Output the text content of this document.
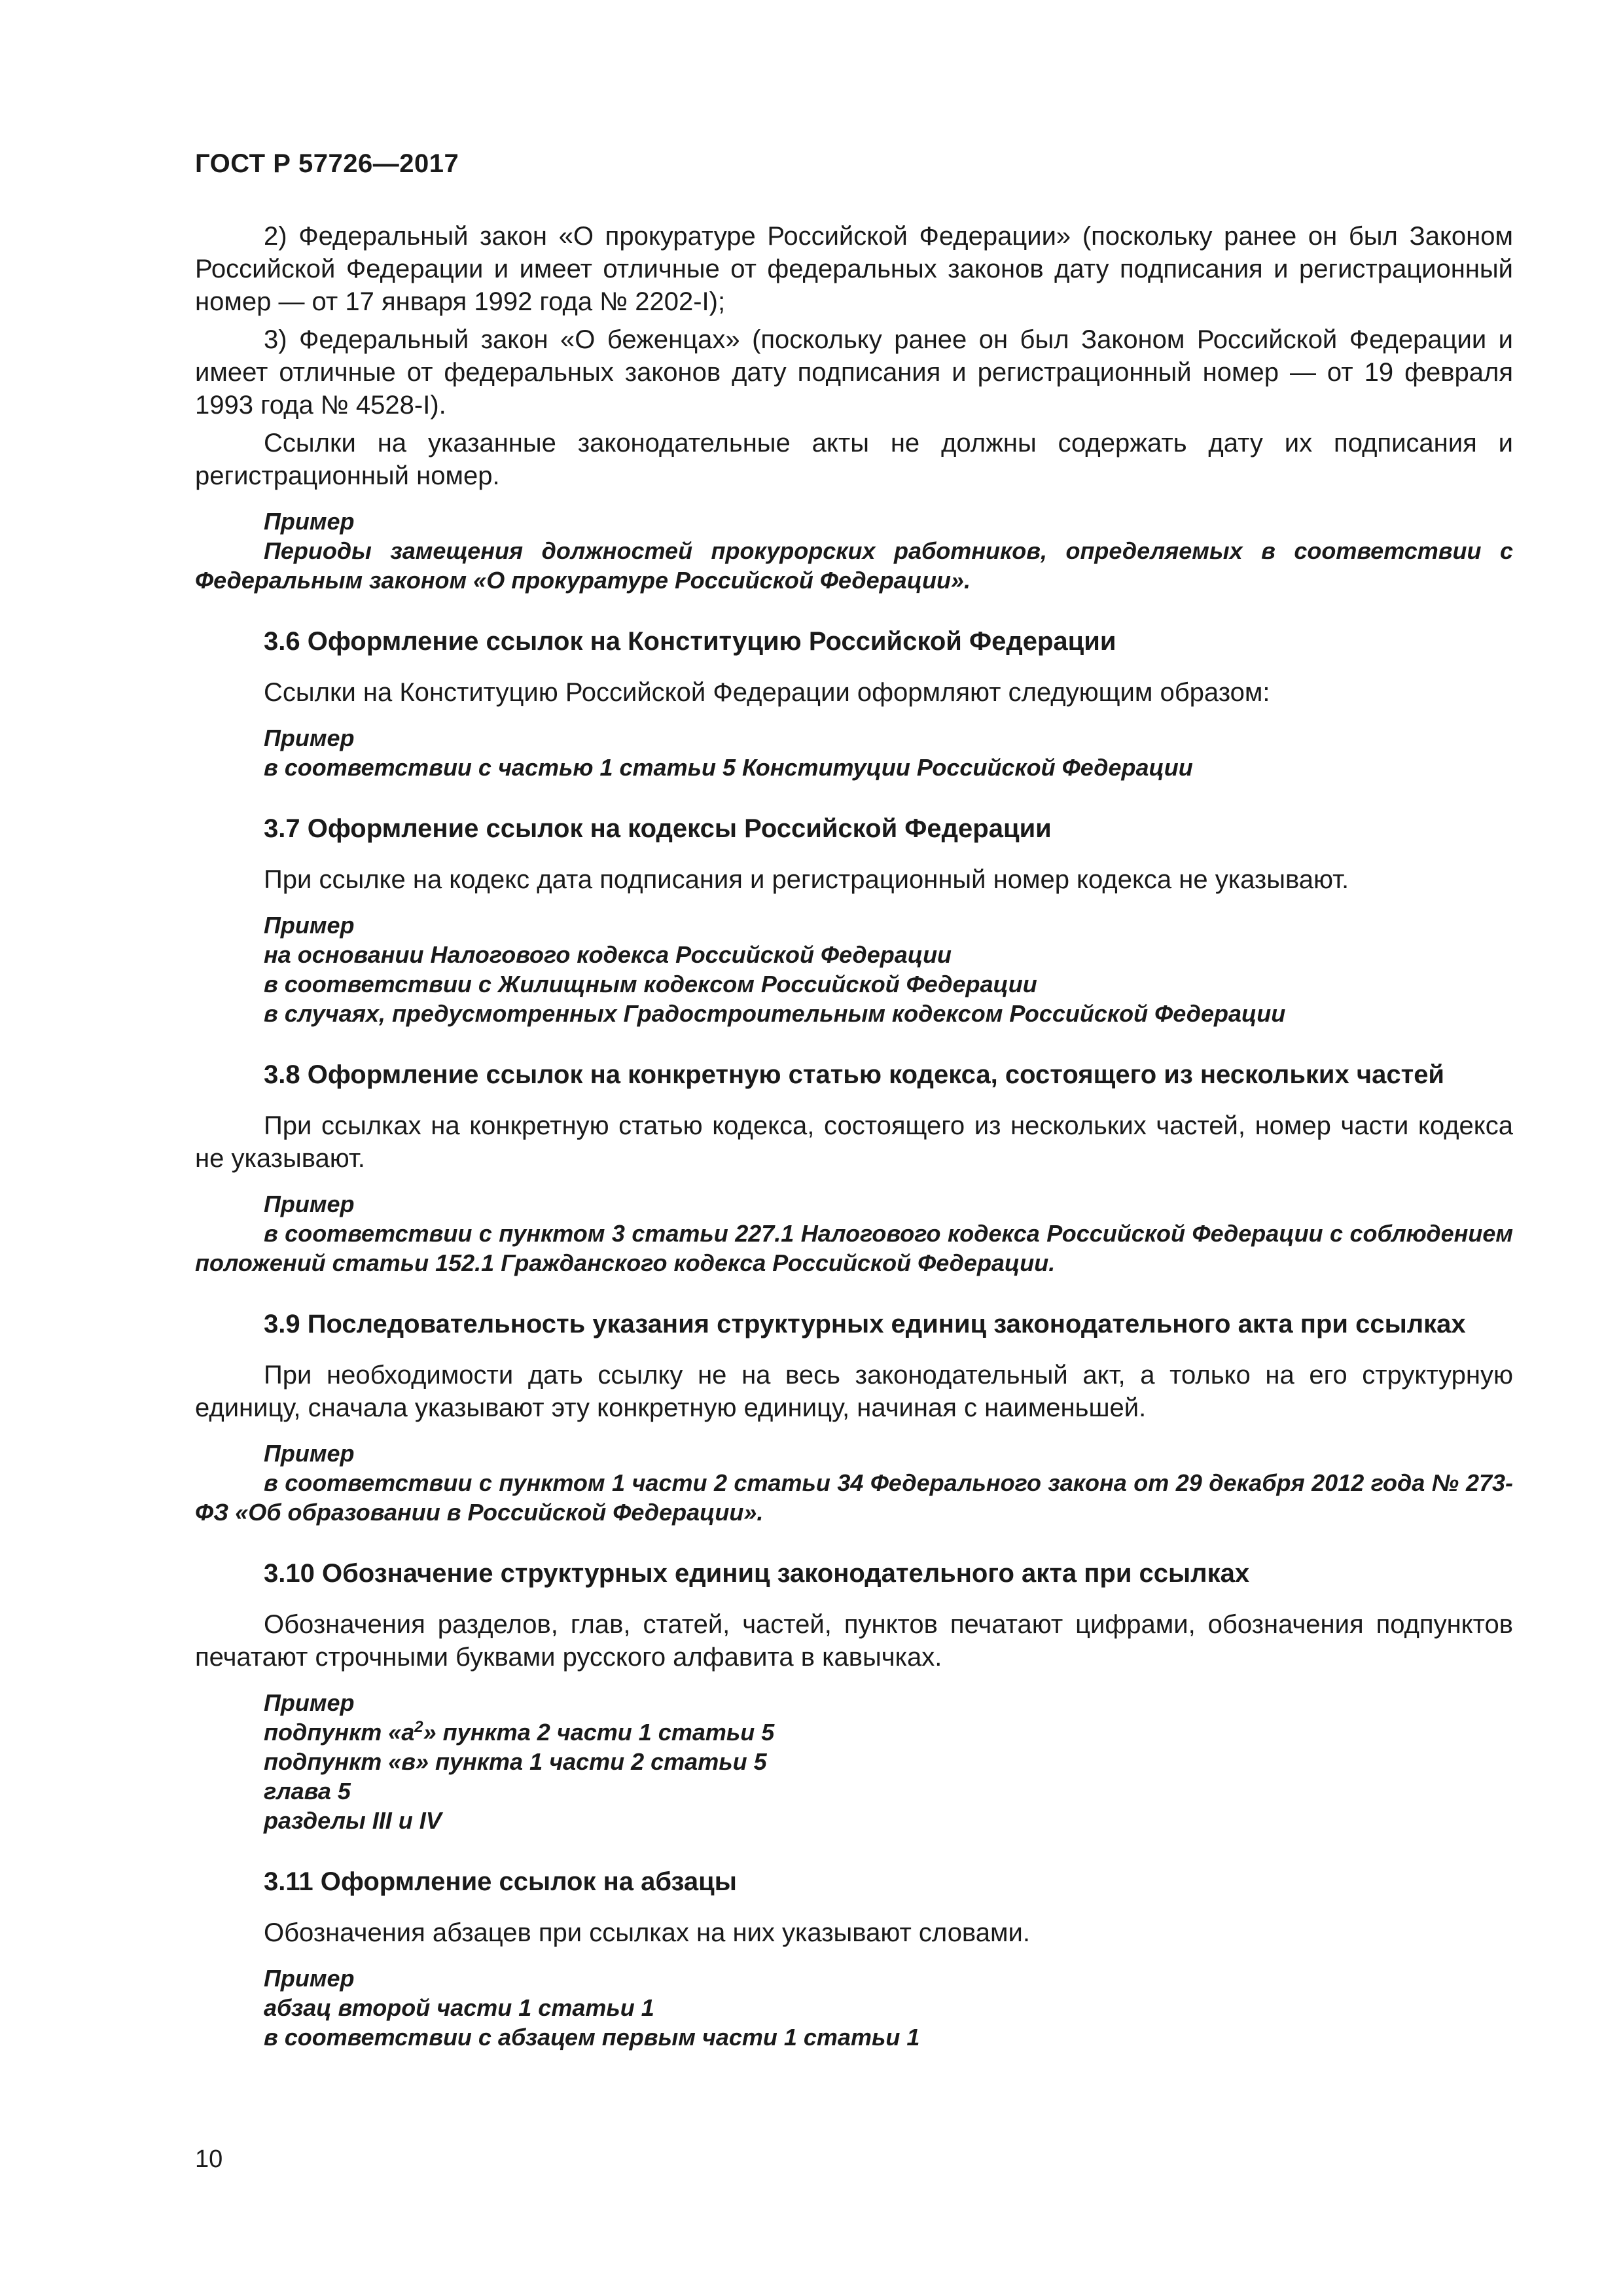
ГОСТ Р 57726—2017

2) Федеральный закон «О прокуратуре Российской Федерации» (поскольку ранее он был Законом Российской Федерации и имеет отличные от федеральных законов дату подписания и регистрационный номер — от 17 января 1992 года № 2202-I);

3) Федеральный закон «О беженцах» (поскольку ранее он был Законом Российской Федерации и имеет отличные от федеральных законов дату подписания и регистрационный номер — от 19 февраля 1993 года № 4528-I).

Ссылки на указанные законодательные акты не должны содержать дату их подписания и регистрационный номер.

Пример
Периоды замещения должностей прокурорских работников, определяемых в соответствии с Федеральным законом «О прокуратуре Российской Федерации».
3.6 Оформление ссылок на Конституцию Российской Федерации

Ссылки на Конституцию Российской Федерации оформляют следующим образом:

Пример
в соответствии с частью 1 статьи 5 Конституции Российской Федерации
3.7 Оформление ссылок на кодексы Российской Федерации

При ссылке на кодекс дата подписания и регистрационный номер кодекса не указывают.

Пример
на основании Налогового кодекса Российской Федерации
в соответствии с Жилищным кодексом Российской Федерации
в случаях, предусмотренных Градостроительным кодексом Российской Федерации
3.8 Оформление ссылок на конкретную статью кодекса, состоящего из нескольких частей

При ссылках на конкретную статью кодекса, состоящего из нескольких частей, номер части кодекса не указывают.

Пример
в соответствии с пунктом 3 статьи 227.1 Налогового кодекса Российской Федерации с соблюдением положений статьи 152.1 Гражданского кодекса Российской Федерации.
3.9 Последовательность указания структурных единиц законодательного акта при ссылках

При необходимости дать ссылку не на весь законодательный акт, а только на его структурную единицу, сначала указывают эту конкретную единицу, начиная с наименьшей.

Пример
в соответствии с пунктом 1 части 2 статьи 34 Федерального закона от 29 декабря 2012 года № 273-ФЗ «Об образовании в Российской Федерации».
3.10 Обозначение структурных единиц законодательного акта при ссылках

Обозначения разделов, глав, статей, частей, пунктов печатают цифрами, обозначения подпунктов печатают строчными буквами русского алфавита в кавычках.

Пример
подпункт «$а^2$» пункта 2 части 1 статьи 5
подпункт «в» пункта 1 части 2 статьи 5
глава 5
разделы III и IV
3.11 Оформление ссылок на абзацы

Обозначения абзацев при ссылках на них указывают словами.

Пример
абзац второй части 1 статьи 1
в соответствии с абзацем первым части 1 статьи 1
10
